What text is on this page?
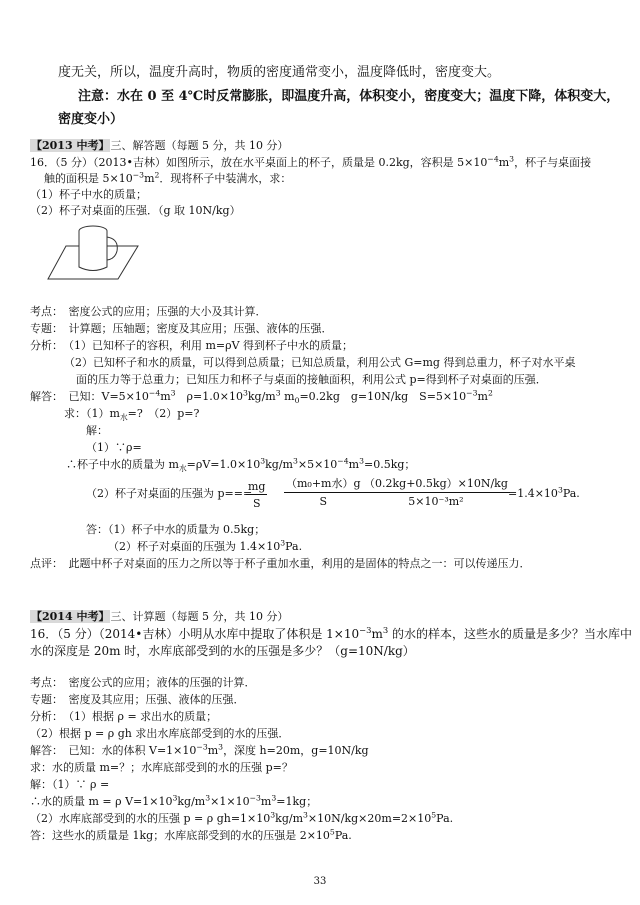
度无关，所以，温度升高时，物质的密度通常变小，温度降低时，密度变大。
注意：水在 0 至 4℃时反常膨胀，即温度升高，体积变小，密度变大；温度下降，体积变大，
密度变小）
【2013 中考】三、解答题（每题 5 分，共 10 分）
16．（5 分）（2013•吉林）如图所示，放在水平桌面上的杯子，质量是 0.2kg，容积是 $5\times 10^{-4}m^3$，杯子与桌面接
触的面积是 $5\times 10^{-3}m^2$．现将杯子中装满水，求：
（1）杯子中水的质量；
（2）杯子对桌面的压强．（g 取 10N/kg）
考点：　密度公式的应用；压强的大小及其计算．
专题：　计算题；压轴题；密度及其应用；压强、液体的压强．
分析：　（1）已知杯子的容积，利用 m=ρV 得到杯子中水的质量；
（2）已知杯子和水的质量，可以得到总质量；已知总质量，利用公式 G=mg 得到总重力，杯子对水平桌
面的压力等于总重力；已知压力和杯子与桌面的接触面积，利用公式 p=得到杯子对桌面的压强．
解答：　已知：$V=5\times 10^{-4}m^3$　$\rho=1.0\times 10^3kg/m^3$ $m_0=0.2kg$　g=10N/kg　$S=5\times 10^{-3}m^2$
求：$(1)m_水=$?　（2）p=?
解：
（1）∵ρ=
∴杯子中水的质量为 $m_水=\rho V=1.0\times 10^3kg/m^3\times 5\times 10^{-4}m^3=0.5kg$；
（2）杯子对桌面的压强为 p===
$\frac{mg}{S} (m_0+m$水）g
S	$\frac{(0.2kg+0.5kg)\times 10N/kg}{\text{5×10⁻³m²}}$
$=1.4\times 10^3Pa$.
答：（1）杯子中水的质量为 0.5kg；
（2）杯子对桌面的压强为 $1.4\times 10^3Pa$.
点评：　此题中杯子对桌面的压力之所以等于杯子重加水重，利用的是固体的特点之一：可以传递压力．
【2014 中考】三、计算题（每题 5 分，共 10 分）
16．（5 分）（2014•吉林）小明从水库中提取了体积是 $1\times 10^{-3}m^3$ 的水的样本，这些水的质量是多少？当水库中
水的深度是 20m 时，水库底部受到的水的压强是多少？（g=10N/kg）
考点：　密度公式的应用；液体的压强的计算．
专题：　密度及其应用；压强、液体的压强．
分析：　（1）根据 ρ = 求出水的质量；
（2）根据 p = ρ gh 求出水库底部受到的水的压强．
解答：　已知：水的体积 $V=1\times 10^{-3}m^3$，深度 h=20m，g=10N/kg
求：水的质量 m=？；水库底部受到的水的压强 p=？
解：（1）∵ ρ =
∴水的质量 m = ρ $V=1\times 10^3kg/m^3\times 1\times 10^{-3}m^3=1kg$；
（2）水库底部受到的水的压强 p = ρ $gh=1\times 10^3kg/m^3\times 10N/kg\times 20m=2\times 10^5Pa$.
答：这些水的质量是 1kg；水库底部受到的水的压强是 $2\times 10^5Pa$.
33
